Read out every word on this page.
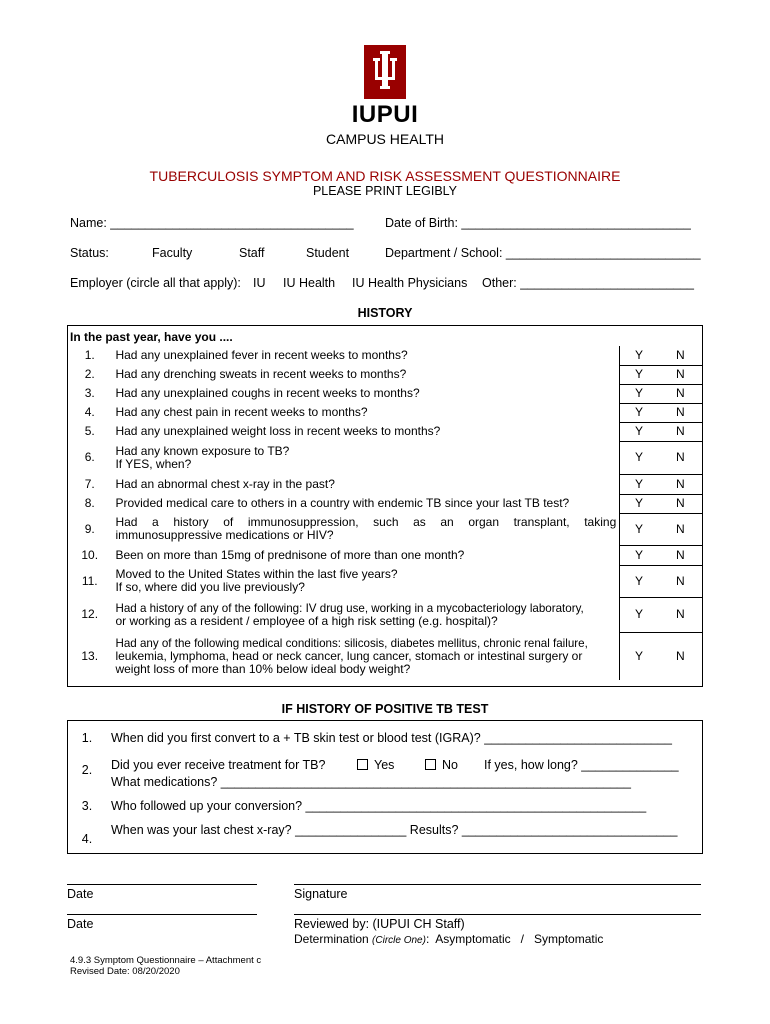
IUPUI
CAMPUS HEALTH
TUBERCULOSIS SYMPTOM AND RISK ASSESSMENT QUESTIONNAIRE
PLEASE PRINT LEGIBLY
Name: ___________________________________	Date of Birth: _________________________________
Status:	Faculty	Staff	Student	Department / School: ____________________________
Employer (circle all that apply): IU IU Health IU Health Physicians Other: _________________________
HISTORY
In the past year, have you ....			
1.	Had any unexplained fever in recent weeks to months?	Y	N
2.	Had any drenching sweats in recent weeks to months?	Y	N
3.	Had any unexplained coughs in recent weeks to months?	Y	N
4.	Had any chest pain in recent weeks to months?	Y	N
5.	Had any unexplained weight loss in recent weeks to months?	Y	N
6.	Had any known exposure to TB?
If YES, when?	Y	N
7.	Had an abnormal chest x-ray in the past?	Y	N
8.	Provided medical care to others in a country with endemic TB since your last TB test?	Y	N
9.	Had a history of immunosuppression, such as an organ transplant, taking
immunosuppressive medications or HIV?	Y	N
10.	Been on more than 15mg of prednisone of more than one month?	Y	N
11.	Moved to the United States within the last five years?
If so, where did you live previously?	Y	N
12.	Had a history of any of the following: IV drug use, working in a mycobacteriology laboratory,
or working as a resident / employee of a high risk setting (e.g. hospital)?	Y	N
13.	Had any of the following medical conditions: silicosis, diabetes mellitus, chronic renal failure,
leukemia, lymphoma, head or neck cancer, lung cancer, stomach or intestinal surgery or
weight loss of more than 10% below ideal body weight?	Y	N
IF HISTORY OF POSITIVE TB TEST
1.	When did you first convert to a + TB skin test or blood test (IGRA)? ___________________________
2.	Did you ever receive treatment for TB?	Yes	No If yes, how long? ______________
What medications? ___________________________________________________________
3.	Who followed up your conversion? _________________________________________________
4.
When was your last chest x-ray? ________________ Results? _______________________________
Date	Signature
Date	Reviewed by: (IUPUI CH Staff)
Determination (Circle One):  Asymptomatic / Symptomatic
4.9.3 Symptom Questionnaire – Attachment c
Revised Date: 08/20/2020
